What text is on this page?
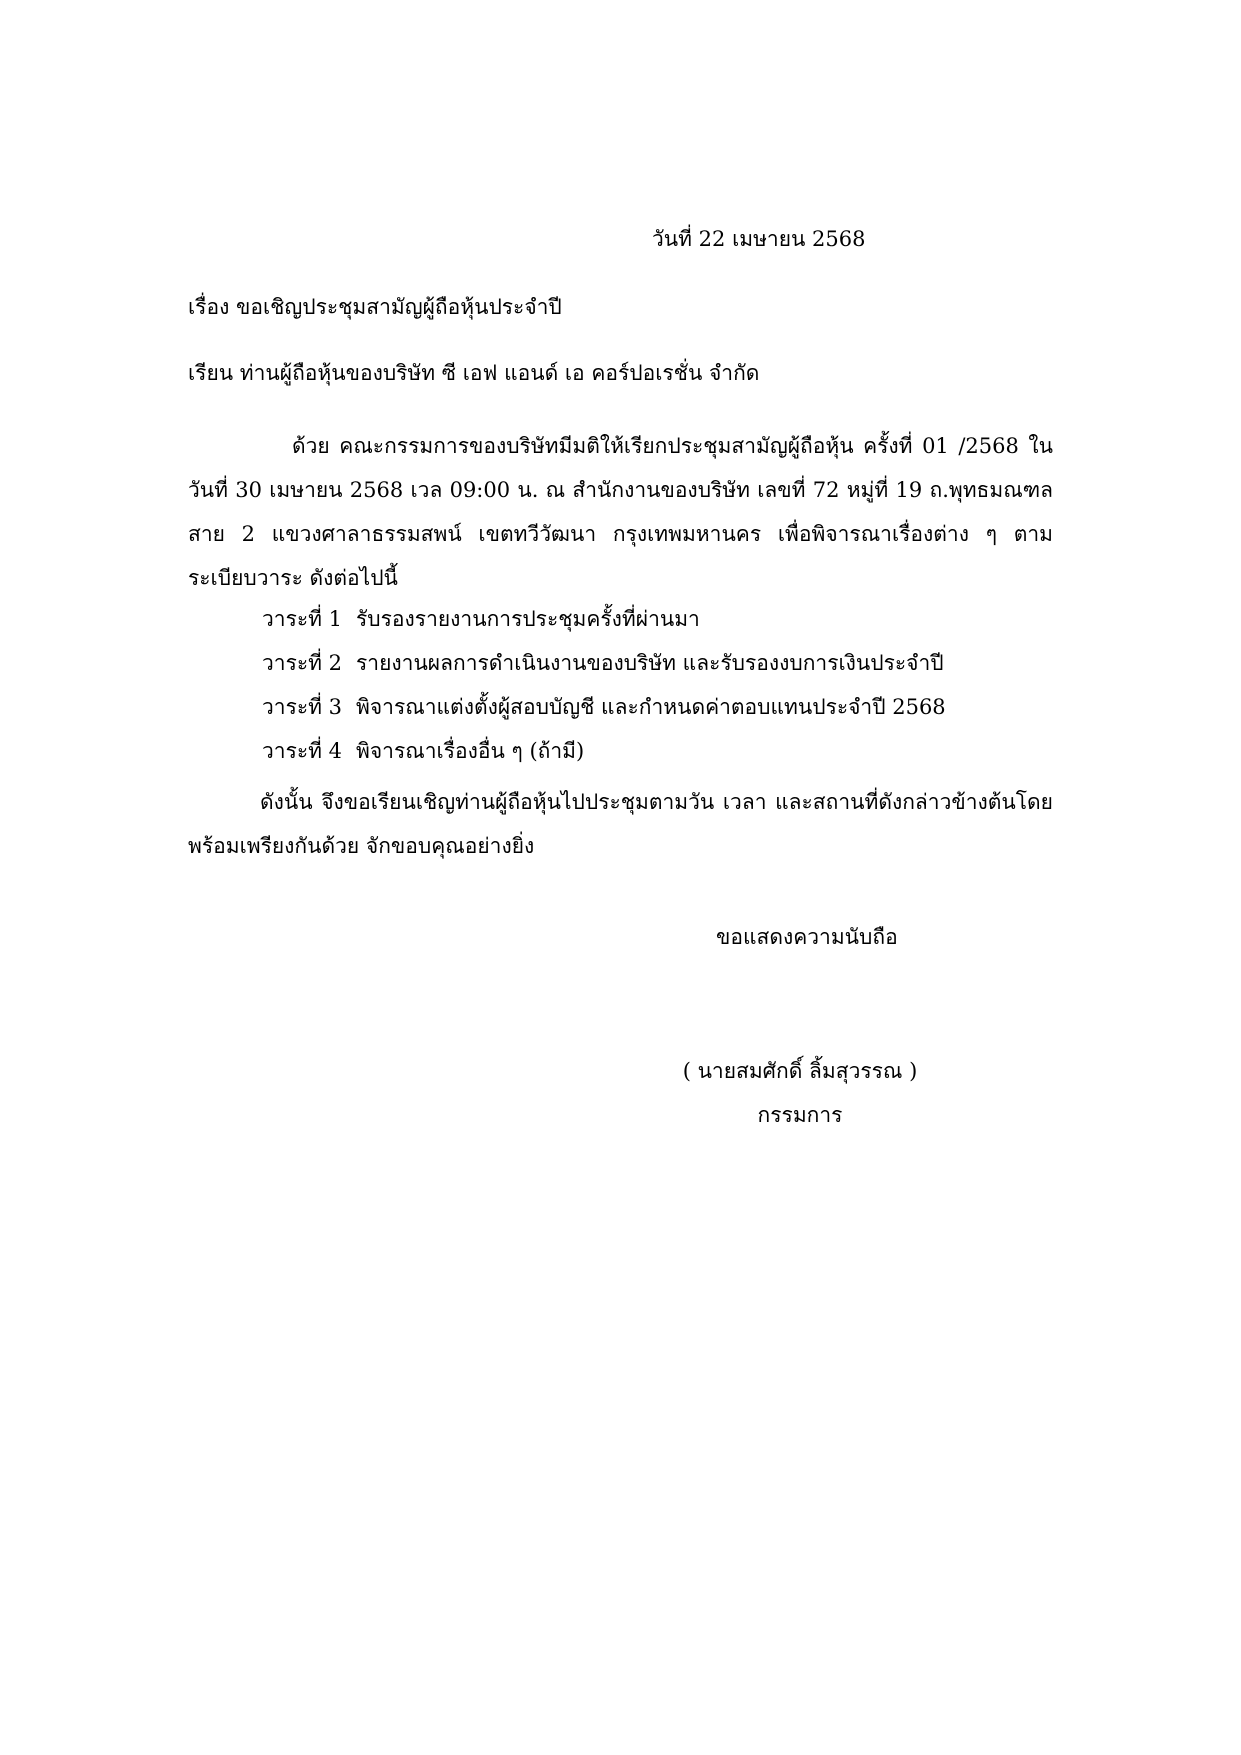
วันที่ 22 เมษายน 2568

เรื่อง ขอเชิญประชุมสามัญผู้ถือหุ้นประจำปี

เรียน ท่านผู้ถือหุ้นของบริษัท ซี เอฟ แอนด์ เอ คอร์ปอเรชั่น จำกัด

ด้วย คณะกรรมการของบริษัทมีมติให้เรียกประชุมสามัญผู้ถือหุ้น ครั้งที่ 01 /2568 ใน วันที่ 30 เมษายน 2568 เวล 09:00 น. ณ สำนักงานของบริษัท เลขที่ 72 หมู่ที่ 19 ถ.พุทธมณฑลสาย 2 แขวงศาลาธรรมสพน์ เขตทวีวัฒนา กรุงเทพมหานคร เพื่อพิจารณาเรื่องต่าง ๆ ตามระเบียบวาระ ดังต่อไปนี้

วาระที่ 1 รับรองรายงานการประชุมครั้งที่ผ่านมา
วาระที่ 2 รายงานผลการดำเนินงานของบริษัท และรับรองงบการเงินประจำปี
วาระที่ 3 พิจารณาแต่งตั้งผู้สอบบัญชี และกำหนดค่าตอบแทนประจำปี 2568
วาระที่ 4 พิจารณาเรื่องอื่น ๆ (ถ้ามี)

ดังนั้น จึงขอเรียนเชิญท่านผู้ถือหุ้นไปประชุมตามวัน เวลา และสถานที่ดังกล่าวข้างต้นโดย พร้อมเพรียงกันด้วย จักขอบคุณอย่างยิ่ง

ขอแสดงความนับถือ

( นายสมศักดิ์ ลิ้มสุวรรณ )
กรรมการ
